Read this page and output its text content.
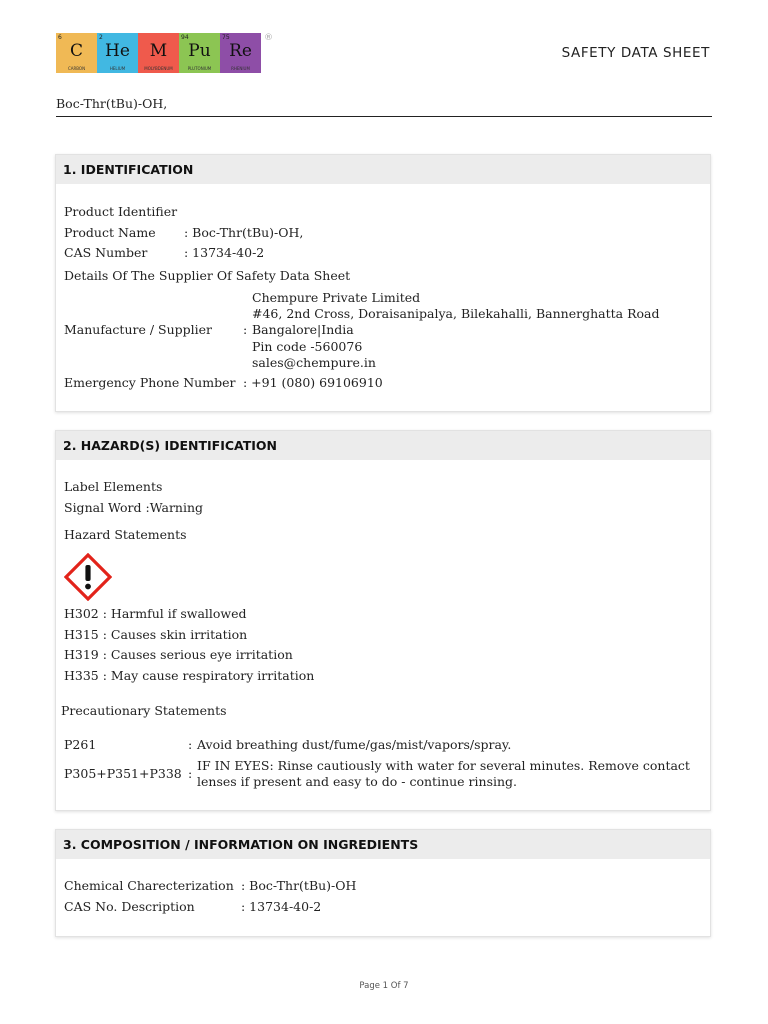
6
C
CARBON
2
He
HELIUM
M
MOLYBDENUM
94
Pu
PLUTONIUM
75
Re
RHENIUM
®
SAFETY DATA SHEET
Boc-Thr(tBu)-OH,
1. IDENTIFICATION
Product Identifier
Product Name : Boc-Thr(tBu)-OH,
CAS Number	: 13734-40-2
Details Of The Supplier Of Safety Data Sheet
Chempure Private Limited
#46, 2nd Cross, Doraisanipalya, Bilekahalli, Bannerghatta Road
Manufacture / Supplier : Bangalore|India
Pin code -560076
sales@chempure.in
Emergency Phone Number : +91 (080) 69106910
2. HAZARD(S) IDENTIFICATION
Label Elements
Signal Word :Warning
Hazard Statements
H302 : Harmful if swallowed
H315 : Causes skin irritation
H319 : Causes serious eye irritation
H335 : May cause respiratory irritation
Precautionary Statements
P261	: Avoid breathing dust/fume/gas/mist/vapors/spray.
P305+P351+P338 :
IF IN EYES: Rinse cautiously with water for several minutes. Remove contact
lenses if present and easy to do - continue rinsing.
3. COMPOSITION / INFORMATION ON INGREDIENTS
Chemical Charecterization : Boc-Thr(tBu)-OH
CAS No. Description	: 13734-40-2
Page 1 Of 7
